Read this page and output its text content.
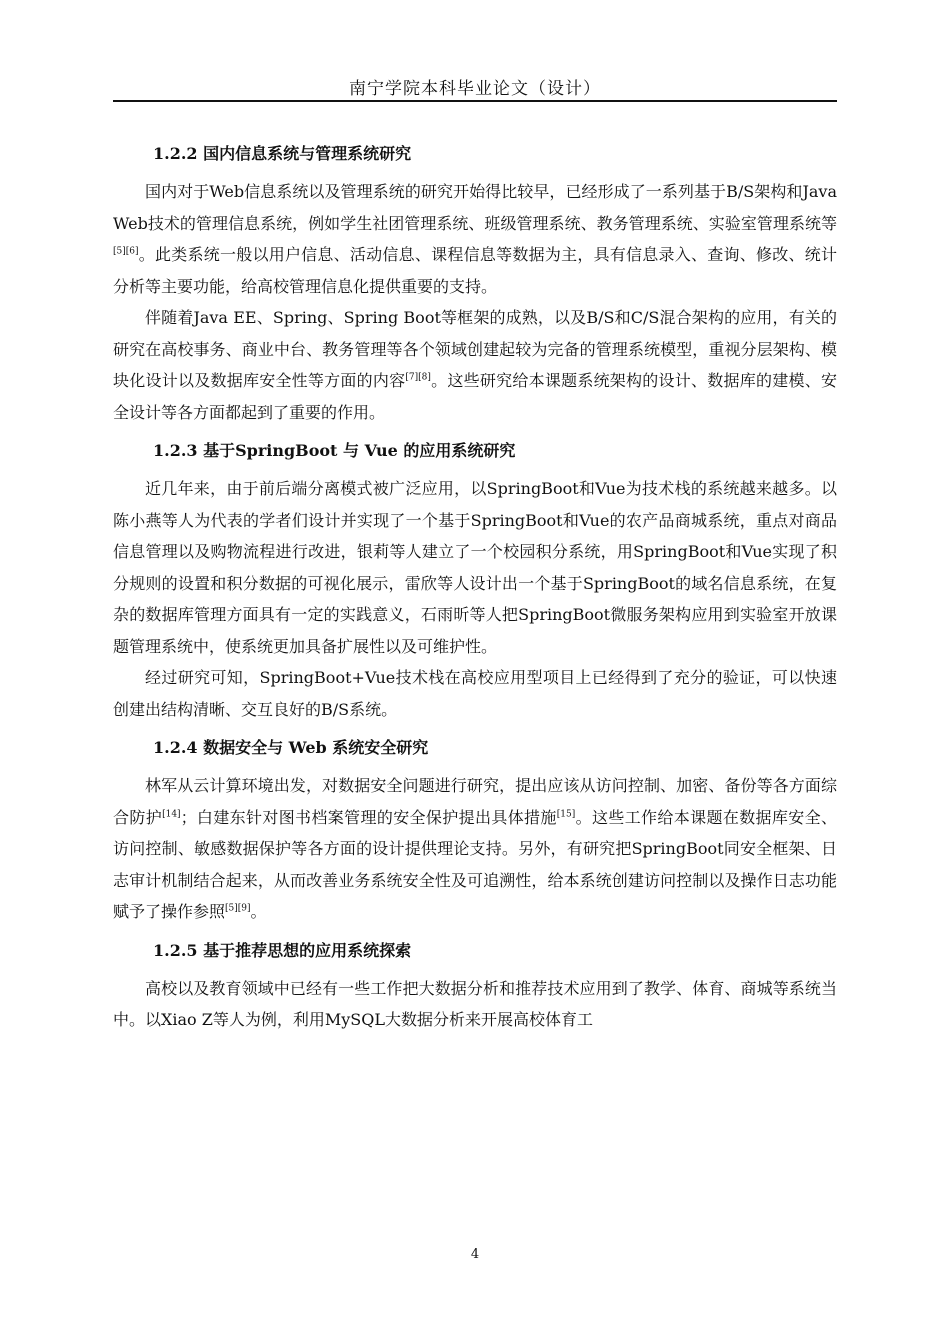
南宁学院本科毕业论文（设计）
1.2.2 国内信息系统与管理系统研究

国内对于Web信息系统以及管理系统的研究开始得比较早，已经形成了一系列基于B/S架构和Java Web技术的管理信息系统，例如学生社团管理系统、班级管理系统、教务管理系统、实验室管理系统等[5][6]。此类系统一般以用户信息、活动信息、课程信息等数据为主，具有信息录入、查询、修改、统计分析等主要功能，给高校管理信息化提供重要的支持。

伴随着Java EE、Spring、Spring Boot等框架的成熟，以及B/S和C/S混合架构的应用，有关的研究在高校事务、商业中台、教务管理等各个领域创建起较为完备的管理系统模型，重视分层架构、模块化设计以及数据库安全性等方面的内容[7][8]。这些研究给本课题系统架构的设计、数据库的建模、安全设计等各方面都起到了重要的作用。

1.2.3 基于SpringBoot 与 Vue 的应用系统研究

近几年来，由于前后端分离模式被广泛应用，以SpringBoot和Vue为技术栈的系统越来越多。以陈小燕等人为代表的学者们设计并实现了一个基于SpringBoot和Vue的农产品商城系统，重点对商品信息管理以及购物流程进行改进，银莉等人建立了一个校园积分系统，用SpringBoot和Vue实现了积分规则的设置和积分数据的可视化展示，雷欣等人设计出一个基于SpringBoot的域名信息系统，在复杂的数据库管理方面具有一定的实践意义，石雨昕等人把SpringBoot微服务架构应用到实验室开放课题管理系统中，使系统更加具备扩展性以及可维护性。

经过研究可知，SpringBoot+Vue技术栈在高校应用型项目上已经得到了充分的验证，可以快速创建出结构清晰、交互良好的B/S系统。

1.2.4 数据安全与 Web 系统安全研究

林军从云计算环境出发，对数据安全问题进行研究，提出应该从访问控制、加密、备份等各方面综合防护[14]；白建东针对图书档案管理的安全保护提出具体措施[15]。这些工作给本课题在数据库安全、访问控制、敏感数据保护等各方面的设计提供理论支持。另外，有研究把SpringBoot同安全框架、日志审计机制结合起来，从而改善业务系统安全性及可追溯性，给本系统创建访问控制以及操作日志功能赋予了操作参照[5][9]。

1.2.5 基于推荐思想的应用系统探索

高校以及教育领域中已经有一些工作把大数据分析和推荐技术应用到了教学、体育、商城等系统当中。以Xiao Z等人为例，利用MySQL大数据分析来开展高校体育工

4
